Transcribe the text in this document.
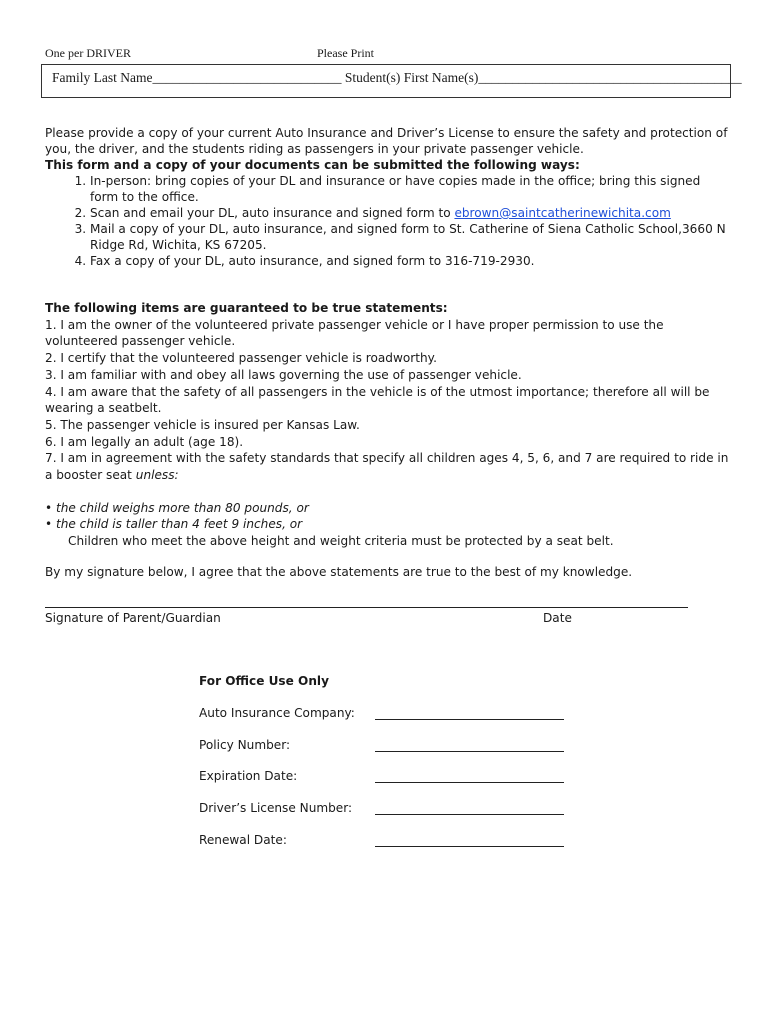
One per DRIVER	Please Print
Family Last Name____________________________ Student(s) First Name(s)_______________________________________

Please provide a copy of your current Auto Insurance and Driver’s License to ensure the safety and protection of you, the driver, and the students riding as passengers in your private passenger vehicle.

This form and a copy of your documents can be submitted the following ways:

1. In-person: bring copies of your DL and insurance or have copies made in the office; bring this signed form to the office.
2. Scan and email your DL, auto insurance and signed form to ebrown@saintcatherinewichita.com
3. Mail a copy of your DL, auto insurance, and signed form to St. Catherine of Siena Catholic School,3660 N Ridge Rd, Wichita, KS 67205.
4. Fax a copy of your DL, auto insurance, and signed form to 316-719-2930.

The following items are guaranteed to be true statements:

1. I am the owner of the volunteered private passenger vehicle or I have proper permission to use the volunteered passenger vehicle.

2. I certify that the volunteered passenger vehicle is roadworthy.

3. I am familiar with and obey all laws governing the use of passenger vehicle.

4. I am aware that the safety of all passengers in the vehicle is of the utmost importance; therefore all will be wearing a seatbelt.

5. The passenger vehicle is insured per Kansas Law.

6. I am legally an adult (age 18).

7. I am in agreement with the safety standards that specify all children ages 4, 5, 6, and 7 are required to ride in a booster seat unless:

• the child weighs more than 80 pounds, or

• the child is taller than 4 feet 9 inches, or

Children who meet the above height and weight criteria must be protected by a seat belt.

By my signature below, I agree that the above statements are true to the best of my knowledge.
Signature of Parent/Guardian	Date
For Office Use Only
Auto Insurance Company:
Policy Number:
Expiration Date:
Driver’s License Number:
Renewal Date:
